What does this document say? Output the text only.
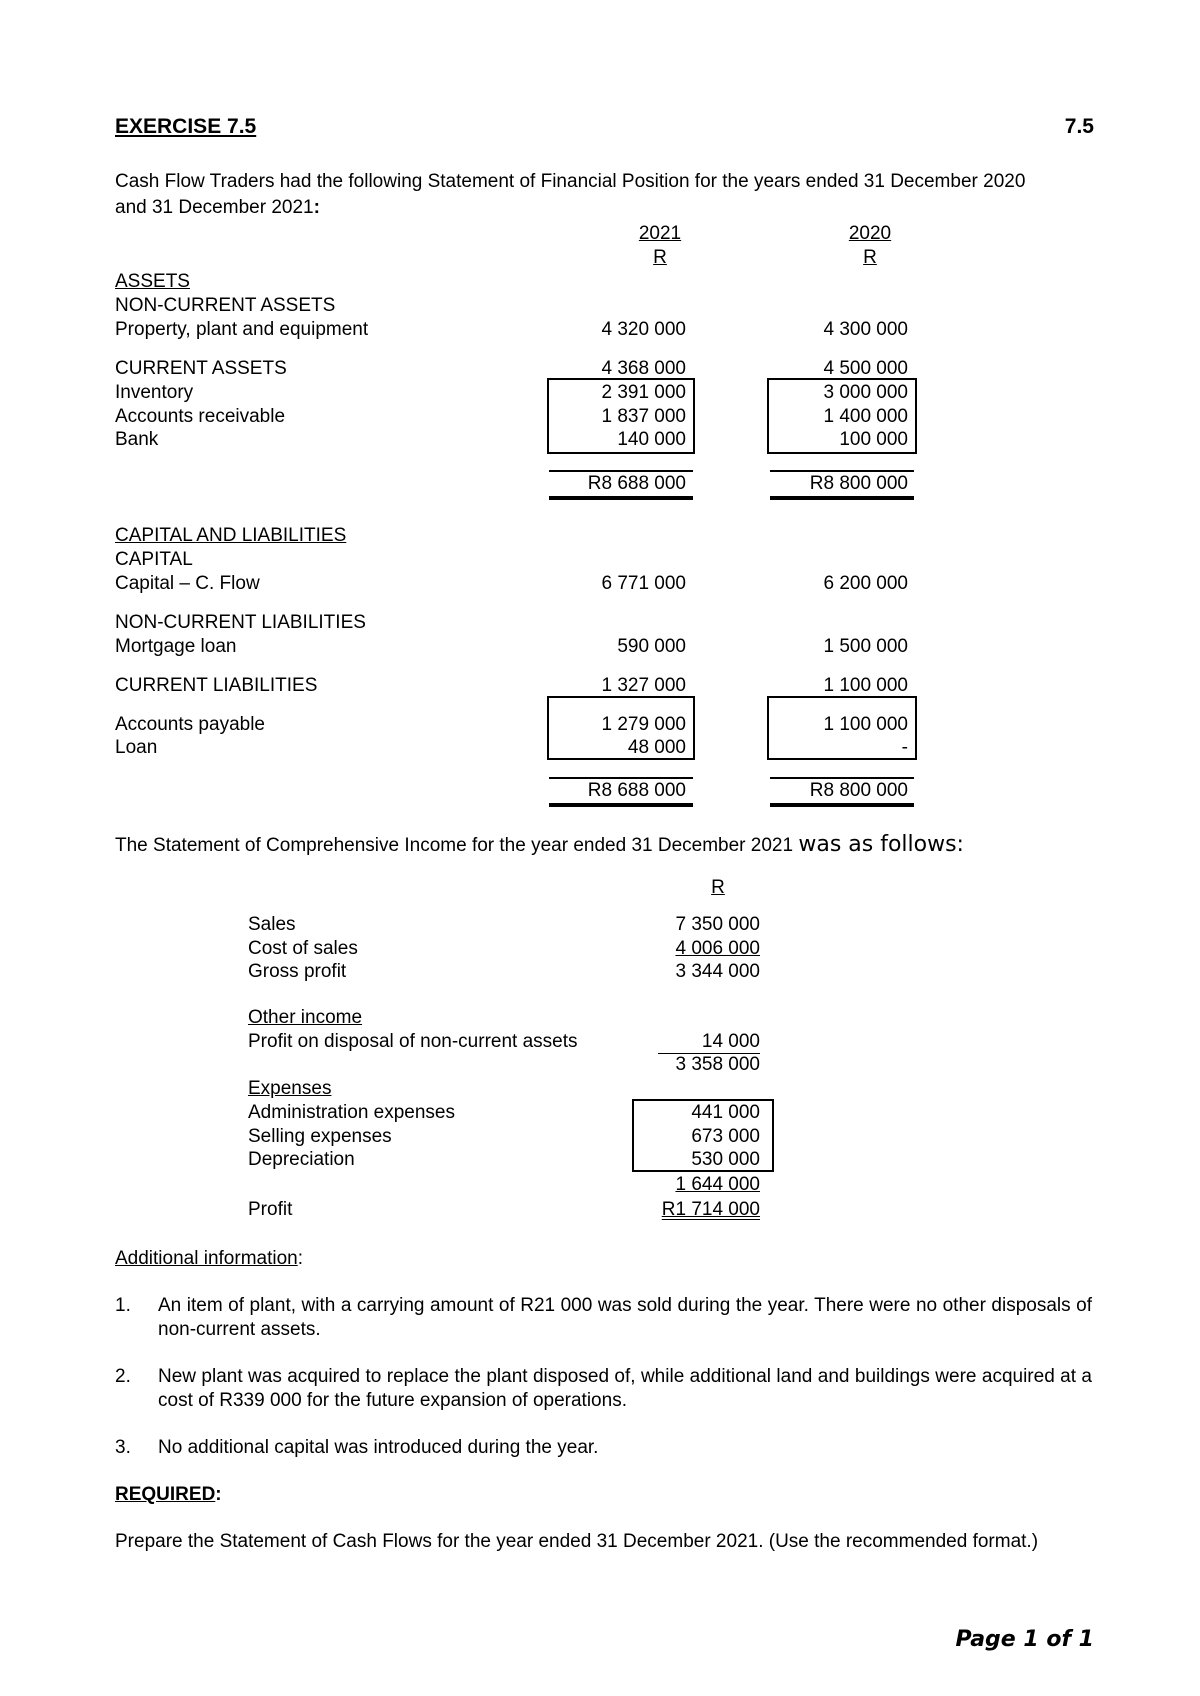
EXERCISE 7.5	7.5
Cash Flow Traders had the following Statement of Financial Position for the years ended 31 December 2020
and 31 December 2021:
2021
R
2020
R
ASSETS
NON-CURRENT ASSETS
Property, plant and equipment	4 320 000	4 300 000
CURRENT ASSETS	4 368 000	4 500 000
Inventory	2 391 000	3 000 000
Accounts receivable	1 837 000	1 400 000
Bank	140 000	100 000
R8 688 000	R8 800 000
CAPITAL AND LIABILITIES
CAPITAL
Capital – C. Flow	6 771 000	6 200 000
NON-CURRENT LIABILITIES
Mortgage loan	590 000	1 500 000
CURRENT LIABILITIES	1 327 000	1 100 000
Accounts payable	1 279 000	1 100 000
Loan	48 000	-
R8 688 000	R8 800 000
The Statement of Comprehensive Income for the year ended 31 December 2021 was as follows:
R
Sales	7 350 000
Cost of sales	4 006 000
Gross profit	3 344 000
Other income
Profit on disposal of non-current assets	14 000
3 358 000
Expenses
Administration expenses	441 000
Selling expenses	673 000
Depreciation	530 000
1 644 000
Profit	R1 714 000
Additional information:
1. An item of plant, with a carrying amount of R21 000 was sold during the year. There were no other disposals of non-current assets.
2. New plant was acquired to replace the plant disposed of, while additional land and buildings were acquired at a cost of R339 000 for the future expansion of operations.
3. No additional capital was introduced during the year.
REQUIRED:
Prepare the Statement of Cash Flows for the year ended 31 December 2021. (Use the recommended format.)
Page 1 of 1
